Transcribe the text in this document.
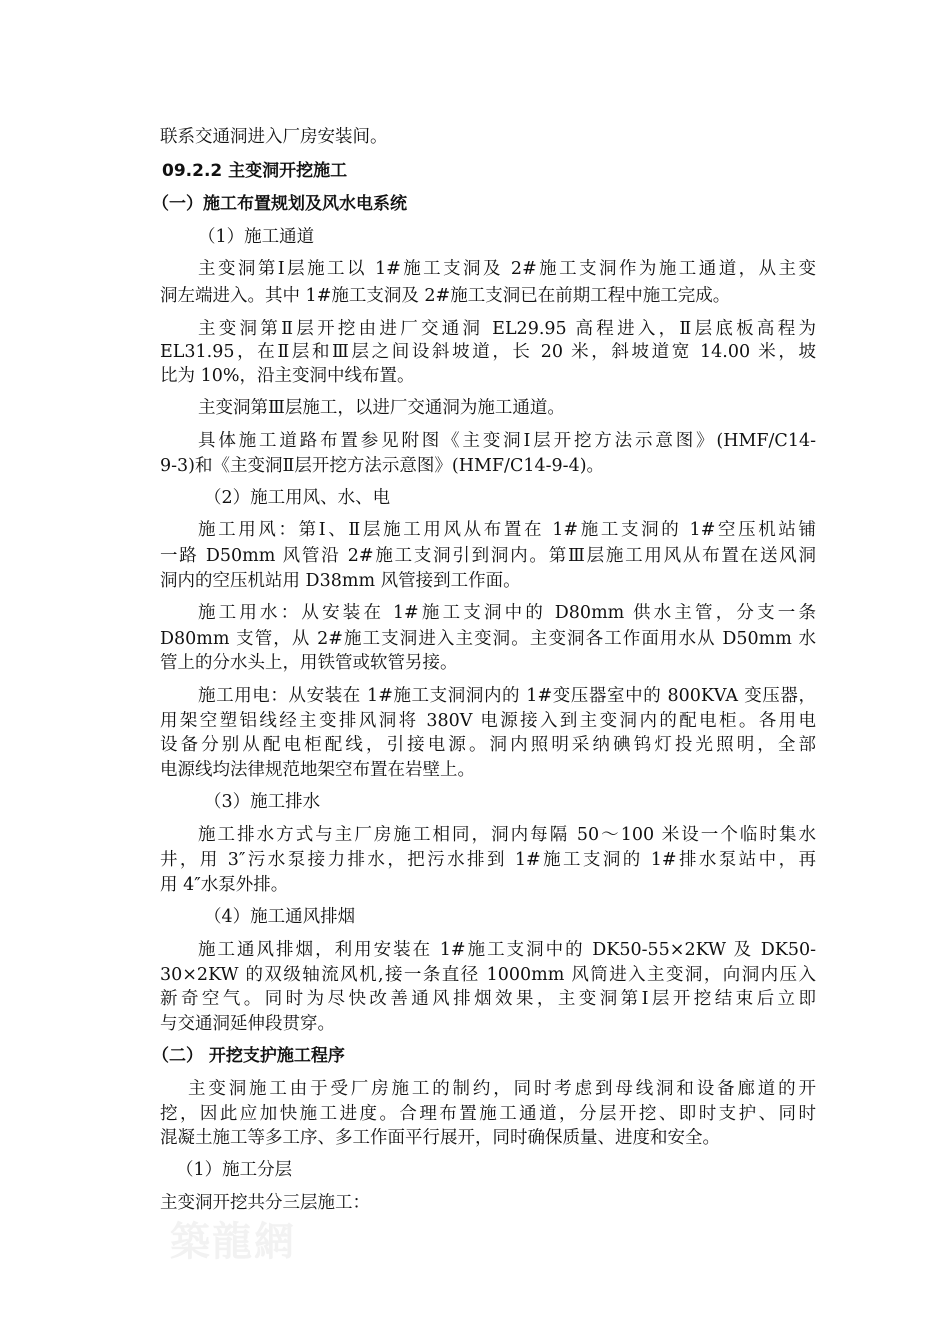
联系交通洞进入厂房安装间。
09.2.2 主变洞开挖施工
（一）施工布置规划及风水电系统
（1）施工通道
主变洞第Ⅰ层施工以 1#施工支洞及 2#施工支洞作为施工通道，从主变
洞左端进入。其中 1#施工支洞及 2#施工支洞已在前期工程中施工完成。
主变洞第Ⅱ层开挖由进厂交通洞 EL29.95 高程进入，Ⅱ层底板高程为
EL31.95，在Ⅱ层和Ⅲ层之间设斜坡道，长 20 米，斜坡道宽 14.00 米，坡
比为 10%，沿主变洞中线布置。
主变洞第Ⅲ层施工，以进厂交通洞为施工通道。
具体施工道路布置参见附图《主变洞Ⅰ层开挖方法示意图》(HMF/C14-
9-3)和《主变洞Ⅱ层开挖方法示意图》(HMF/C14-9-4)。
（2）施工用风、水、电
施工用风：第Ⅰ、Ⅱ层施工用风从布置在 1#施工支洞的 1#空压机站铺
一路 D50mm 风管沿 2#施工支洞引到洞内。第Ⅲ层施工用风从布置在送风洞
洞内的空压机站用 D38mm 风管接到工作面。
施工用水：从安装在 1#施工支洞中的 D80mm 供水主管，分支一条
D80mm 支管，从 2#施工支洞进入主变洞。主变洞各工作面用水从 D50mm 水
管上的分水头上，用铁管或软管另接。
施工用电：从安装在 1#施工支洞洞内的 1#变压器室中的 800KVA 变压器，
用架空塑铝线经主变排风洞将 380V 电源接入到主变洞内的配电柜。各用电
设备分别从配电柜配线，引接电源。洞内照明采纳碘钨灯投光照明，全部
电源线均法律规范地架空布置在岩壁上。
（3）施工排水
施工排水方式与主厂房施工相同，洞内每隔 50～100 米设一个临时集水
井，用 3″污水泵接力排水，把污水排到 1#施工支洞的 1#排水泵站中，再
用 4″水泵外排。
（4）施工通风排烟
施工通风排烟，利用安装在 1#施工支洞中的 DK50-55×2KW 及 DK50-
30×2KW 的双级轴流风机,接一条直径 1000mm 风筒进入主变洞，向洞内压入
新奇空气。同时为尽快改善通风排烟效果，主变洞第Ⅰ层开挖结束后立即
与交通洞延伸段贯穿。
（二） 开挖支护施工程序
主变洞施工由于受厂房施工的制约，同时考虑到母线洞和设备廊道的开
挖，因此应加快施工进度。合理布置施工通道，分层开挖、即时支护、同时
混凝土施工等多工序、多工作面平行展开，同时确保质量、进度和安全。
（1）施工分层
主变洞开挖共分三层施工：
築龍網
